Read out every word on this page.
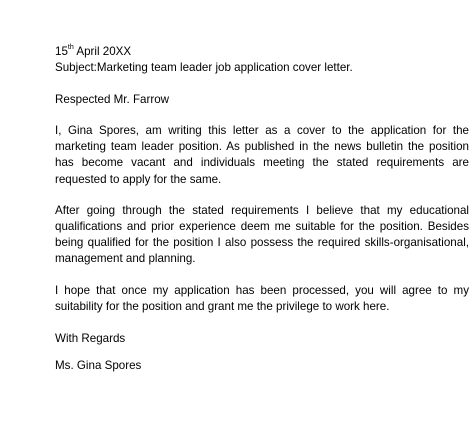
15th April 20XX

Subject:Marketing team leader job application cover letter.

Respected Mr. Farrow

I, Gina Spores, am writing this letter as a cover to the application for the marketing team leader position. As published in the news bulletin the position has become vacant and individuals meeting the stated requirements are requested to apply for the same.

After going through the stated requirements I believe that my educational qualifications and prior experience deem me suitable for the position. Besides being qualified for the position I also possess the required skills-organisational, management and planning.

I hope that once my application has been processed, you will agree to my suitability for the position and grant me the privilege to work here.

With Regards

Ms. Gina Spores
